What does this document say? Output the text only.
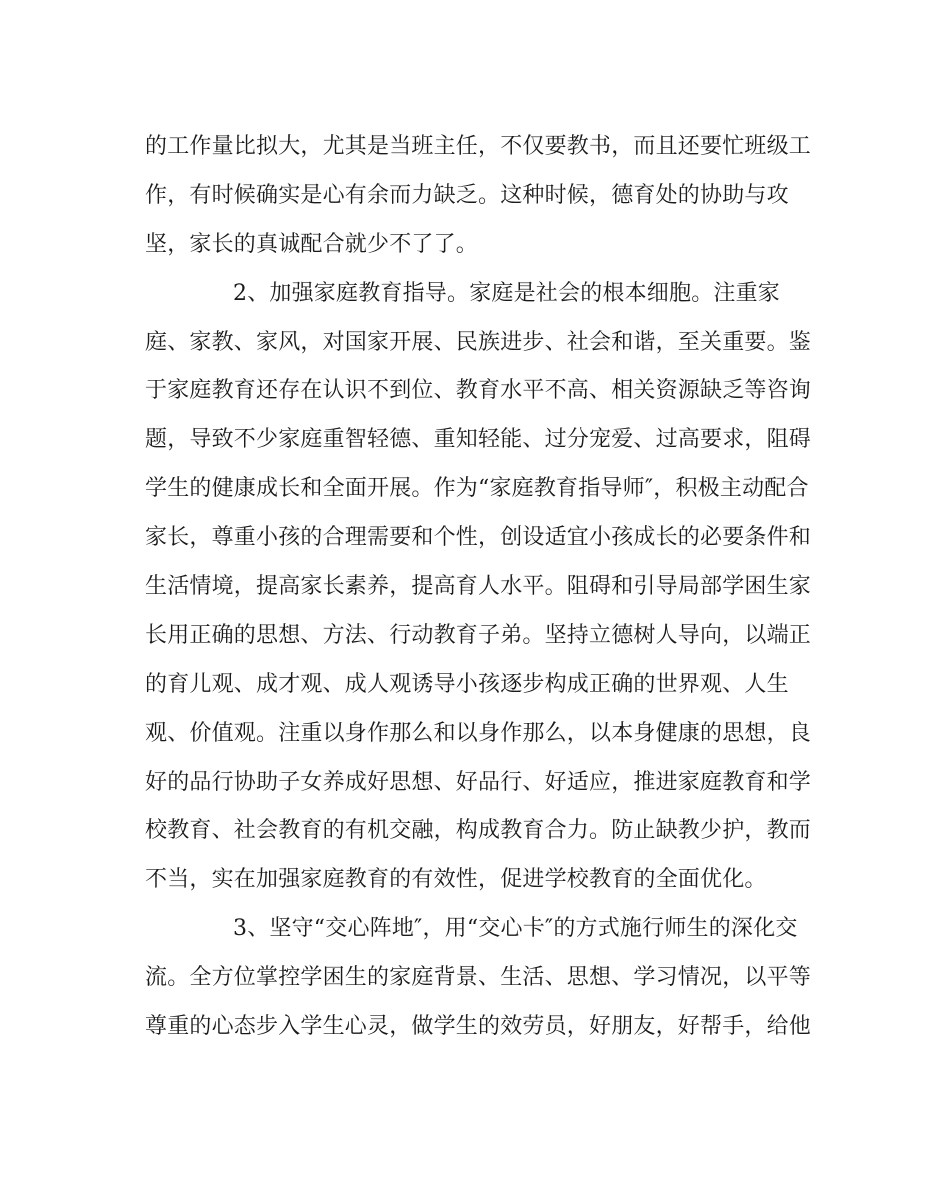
的工作量比拟大，尤其是当班主任，不仅要教书，而且还要忙班级工
作，有时候确实是心有余而力缺乏。这种时候，德育处的协助与攻
坚，家长的真诚配合就少不了了。
2、加强家庭教育指导。家庭是社会的根本细胞。注重家
庭、家教、家风，对国家开展、民族进步、社会和谐，至关重要。鉴
于家庭教育还存在认识不到位、教育水平不高、相关资源缺乏等咨询
题，导致不少家庭重智轻德、重知轻能、过分宠爱、过高要求，阻碍
学生的健康成长和全面开展。作为“家庭教育指导师″，积极主动配合
家长，尊重小孩的合理需要和个性，创设适宜小孩成长的必要条件和
生活情境，提高家长素养，提高育人水平。阻碍和引导局部学困生家
长用正确的思想、方法、行动教育子弟。坚持立德树人导向，以端正
的育儿观、成才观、成人观诱导小孩逐步构成正确的世界观、人生
观、价值观。注重以身作那么和以身作那么，以本身健康的思想，良
好的品行协助子女养成好思想、好品行、好适应，推进家庭教育和学
校教育、社会教育的有机交融，构成教育合力。防止缺教少护，教而
不当，实在加强家庭教育的有效性，促进学校教育的全面优化。
3、坚守“交心阵地″，用“交心卡″的方式施行师生的深化交
流。全方位掌控学困生的家庭背景、生活、思想、学习情况，以平等
尊重的心态步入学生心灵，做学生的效劳员，好朋友，好帮手，给他
